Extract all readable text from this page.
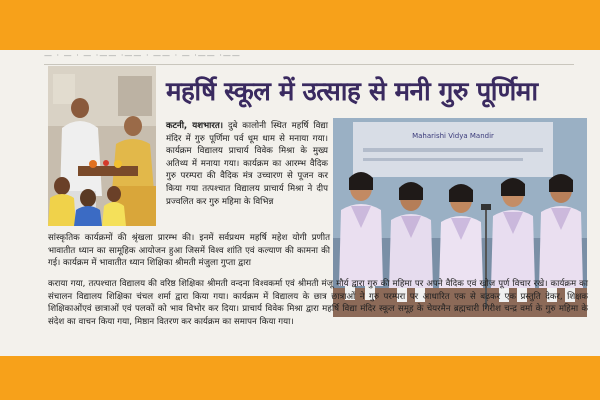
— · — · — ·—— ·—— · —— · — ·—— ·——
महर्षि स्कूल में उत्साह से मनी गुरु पूर्णिमा
कटनी, यशभारत। दुबे कालोनी स्थित महर्षि विद्या मंदिर में गुरु पूर्णिमा पर्व धूम धाम से मनाया गया। कार्यक्रम विद्यालय प्राचार्य विवेक मिश्रा के मुख्य अतिथ्य में मनाया गया। कार्यक्रम का आरम्भ वैदिक गुरु परम्परा की वैदिक मंत्र उच्चारण से पूजन कर किया गया तत्पश्चात विद्यालय प्राचार्य मिश्रा ने दीप प्रज्वलित कर गुरु महिमा के विभिन्न
Maharishi Vidya Mandir
सांस्कृतिक कार्यक्रमों की श्रृंखला प्रारम्भ की। इनमें सर्वप्रथम महर्षि महेश योगी प्रणीत भावातीत ध्यान का सामूहिक आयोजन हुआ जिसमें विश्व शांति एवं कल्याण की कामना की गई। कार्यक्रम में भावातीत ध्यान शिक्षिका श्रीमती मंजुला गुप्ता द्वारा
कराया गया, तत्पश्चात विद्यालय की वरिष्ठ शिक्षिका श्रीमती वन्दना विश्वकर्मा एवं श्रीमती मंजू मौर्य द्वारा गुरु की महिमा पर अपने वैदिक एवं खोज पूर्ण विचार रखे। कार्यक्रम का संचालन विद्यालय शिक्षिका चंचल शर्मा द्वारा किया गया। कार्यक्रम में विद्यालय के छात्र छात्राओं ने गुरु परम्परा पर आधारित एक से बढ़कर एक प्रस्तुति देकर, शिक्षक शिक्षिकाओंएवं छात्राओं एवं पलकों को भाव विभोर कर दिया। प्राचार्य विवेक मिश्रा द्वारा महर्षि विद्या मंदिर स्कूल समूह के चेयरमैन ब्रह्मचारी गिरीश चन्द्र वर्मा के गुरु महिमा के संदेश का वाचन किया गया, मिष्ठान वितरण कर कार्यक्रम का समापन किया गया।
